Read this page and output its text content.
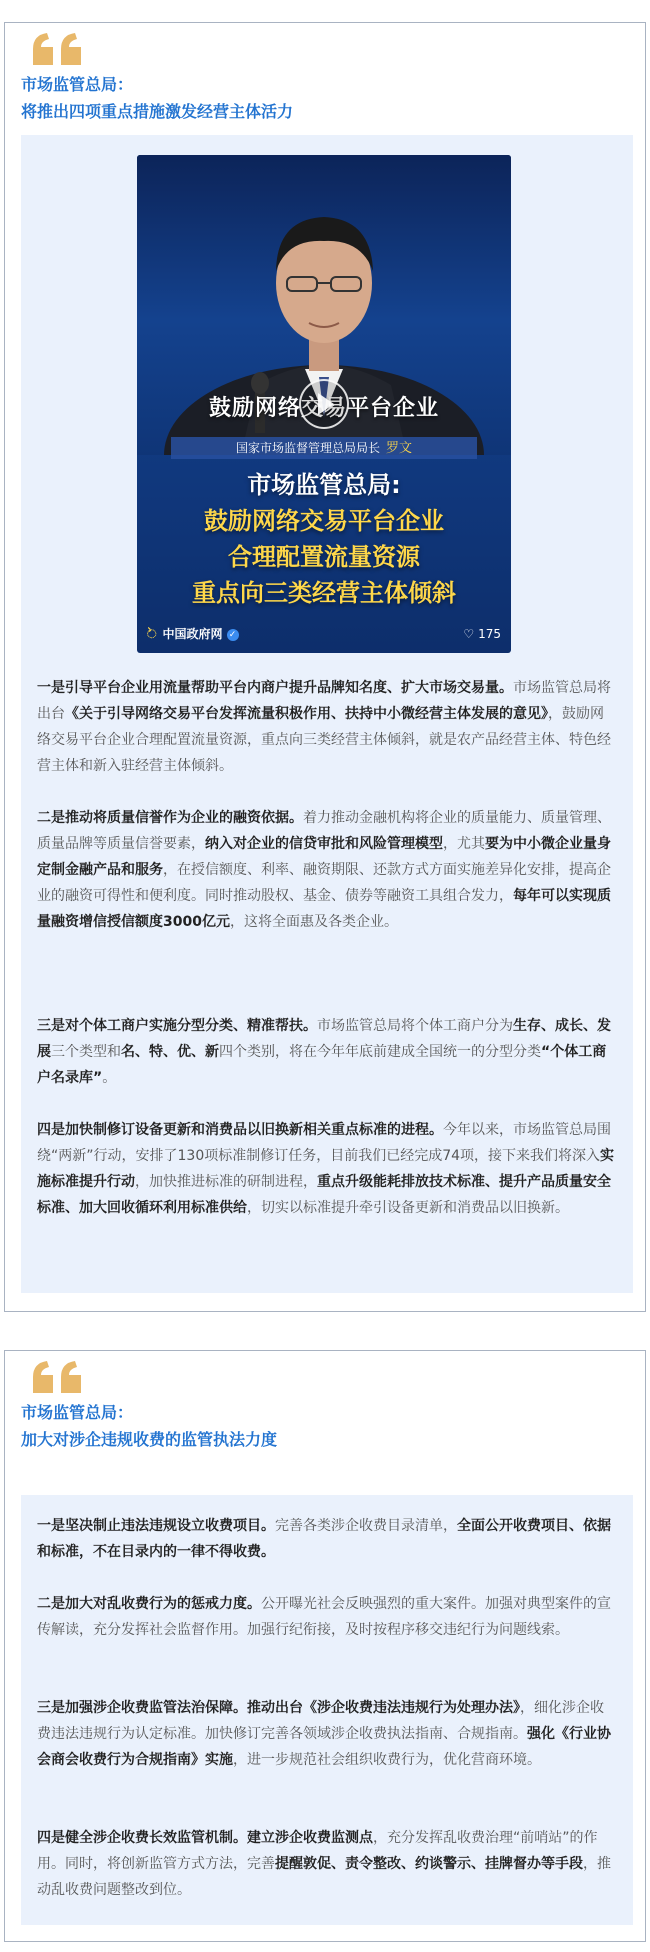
市场监管总局：
将推出四项重点措施激发经营主体活力
鼓励网络交易平台企业
国家市场监督管理总局局长 罗文
市场监管总局:
鼓励网络交易平台企业
合理配置流量资源
重点向三类经营主体倾斜
ᨛ 中国政府网 ✓	♡ 175

一是引导平台企业用流量帮助平台内商户提升品牌知名度、扩大市场交易量。市场监管总局将出台《关于引导网络交易平台发挥流量积极作用、扶持中小微经营主体发展的意见》，鼓励网络交易平台企业合理配置流量资源，重点向三类经营主体倾斜，就是农产品经营主体、特色经营主体和新入驻经营主体倾斜。

二是推动将质量信誉作为企业的融资依据。着力推动金融机构将企业的质量能力、质量管理、质量品牌等质量信誉要素，纳入对企业的信贷审批和风险管理模型，尤其要为中小微企业量身定制金融产品和服务，在授信额度、利率、融资期限、还款方式方面实施差异化安排，提高企业的融资可得性和便利度。同时推动股权、基金、债券等融资工具组合发力，每年可以实现质量融资增信授信额度3000亿元，这将全面惠及各类企业。

三是对个体工商户实施分型分类、精准帮扶。市场监管总局将个体工商户分为生存、成长、发展三个类型和名、特、优、新四个类别，将在今年年底前建成全国统一的分型分类“个体工商户名录库”。

四是加快制修订设备更新和消费品以旧换新相关重点标准的进程。今年以来，市场监管总局围绕“两新”行动，安排了130项标准制修订任务，目前我们已经完成74项，接下来我们将深入实施标准提升行动，加快推进标准的研制进程，重点升级能耗排放技术标准、提升产品质量安全标准、加大回收循环利用标准供给，切实以标准提升牵引设备更新和消费品以旧换新。

市场监管总局：
加大对涉企违规收费的监管执法力度

一是坚决制止违法违规设立收费项目。完善各类涉企收费目录清单，全面公开收费项目、依据和标准，不在目录内的一律不得收费。

二是加大对乱收费行为的惩戒力度。公开曝光社会反映强烈的重大案件。加强对典型案件的宣传解读，充分发挥社会监督作用。加强行纪衔接，及时按程序移交违纪行为问题线索。

三是加强涉企收费监管法治保障。推动出台《涉企收费违法违规行为处理办法》，细化涉企收费违法违规行为认定标准。加快修订完善各领域涉企收费执法指南、合规指南。强化《行业协会商会收费行为合规指南》实施，进一步规范社会组织收费行为，优化营商环境。

四是健全涉企收费长效监管机制。建立涉企收费监测点，充分发挥乱收费治理“前哨站”的作用。同时，将创新监管方式方法，完善提醒敦促、责令整改、约谈警示、挂牌督办等手段，推动乱收费问题整改到位。
